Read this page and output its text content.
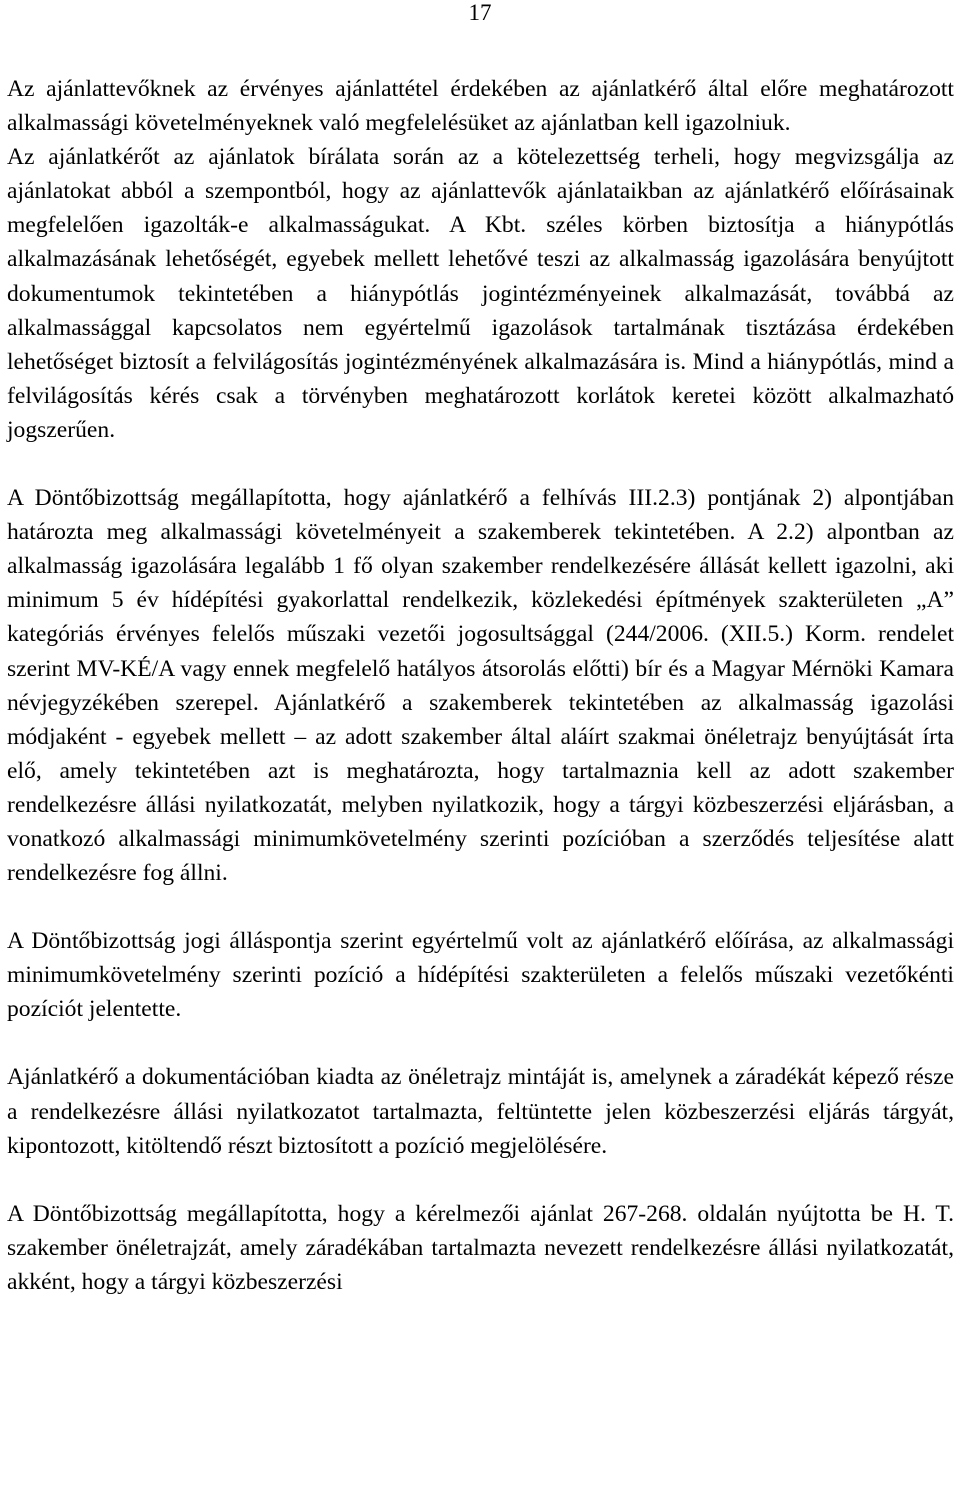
17

Az ajánlattevőknek az érvényes ajánlattétel érdekében az ajánlatkérő által előre meghatározott alkalmassági követelményeknek való megfelelésüket az ajánlatban kell igazolniuk.

Az ajánlatkérőt az ajánlatok bírálata során az a kötelezettség terheli, hogy megvizsgálja az ajánlatokat abból a szempontból, hogy az ajánlattevők ajánlataikban az ajánlatkérő előírásainak megfelelően igazolták-e alkalmasságukat. A Kbt. széles körben biztosítja a hiánypótlás alkalmazásának lehetőségét, egyebek mellett lehetővé teszi az alkalmasság igazolására benyújtott dokumentumok tekintetében a hiánypótlás jogintézményeinek alkalmazását, továbbá az alkalmassággal kapcsolatos nem egyértelmű igazolások tartalmának tisztázása érdekében lehetőséget biztosít a felvilágosítás jogintézményének alkalmazására is. Mind a hiánypótlás, mind a felvilágosítás kérés csak a törvényben meghatározott korlátok keretei között alkalmazható jogszerűen.

A Döntőbizottság megállapította, hogy ajánlatkérő a felhívás III.2.3) pontjának 2) alpontjában határozta meg alkalmassági követelményeit a szakemberek tekintetében. A 2.2) alpontban az alkalmasság igazolására legalább 1 fő olyan szakember rendelkezésére állását kellett igazolni, aki minimum 5 év hídépítési gyakorlattal rendelkezik, közlekedési építmények szakterületen „A” kategóriás érvényes felelős műszaki vezetői jogosultsággal (244/2006. (XII.5.) Korm. rendelet szerint MV-KÉ/A vagy ennek megfelelő hatályos átsorolás előtti) bír és a Magyar Mérnöki Kamara névjegyzékében szerepel. Ajánlatkérő a szakemberek tekintetében az alkalmasság igazolási módjaként - egyebek mellett – az adott szakember által aláírt szakmai önéletrajz benyújtását írta elő, amely tekintetében azt is meghatározta, hogy tartalmaznia kell az adott szakember rendelkezésre állási nyilatkozatát, melyben nyilatkozik, hogy a tárgyi közbeszerzési eljárásban, a vonatkozó alkalmassági minimumkövetelmény szerinti pozícióban a szerződés teljesítése alatt rendelkezésre fog állni.

A Döntőbizottság jogi álláspontja szerint egyértelmű volt az ajánlatkérő előírása, az alkalmassági minimumkövetelmény szerinti pozíció a hídépítési szakterületen a felelős műszaki vezetőkénti pozíciót jelentette.

Ajánlatkérő a dokumentációban kiadta az önéletrajz mintáját is, amelynek a záradékát képező része a rendelkezésre állási nyilatkozatot tartalmazta, feltüntette jelen közbeszerzési eljárás tárgyát, kipontozott, kitöltendő részt biztosított a pozíció megjelölésére.

A Döntőbizottság megállapította, hogy a kérelmezői ajánlat 267-268. oldalán nyújtotta be H. T. szakember önéletrajzát, amely záradékában tartalmazta nevezett rendelkezésre állási nyilatkozatát, akként, hogy a tárgyi közbeszerzési
